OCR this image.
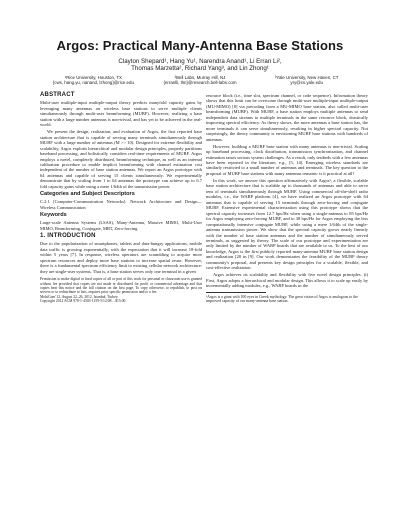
Argos: Practical Many-Antenna Base Stations
Clayton Shepard¹, Hang Yu¹, Narendra Anand¹, Li Erran Li²,
Thomas Marzetta², Richard Yang³, and Lin Zhong¹
¹Rice University, Houston, TX
{cws, hang.yu, nanand, lzhong}@rice.edu
²Bell Labs, Murray Hill, NJ
{erranlli, tlm}@research.bell-labs.com
³Yale University, New Haven, CT
yry@cs.yale.edu
ABSTRACT

Multi-user multiple-input multiple-output theory predicts manyfold capacity gains by leveraging many antennas on wireless base stations to serve multiple clients simultaneously through multi-user beamforming (MUBF). However, realizing a base station with a large number antennas is non-trivial, and has yet to be achieved in the real-world.

We present the design, realization, and evaluation of Argos, the first reported base station architecture that is capable of serving many terminals simultaneously through MUBF with a large number of antennas (M >> 10). Designed for extreme flexibility and scalability, Argos exploits hierarchical and modular design principles, properly partitions baseband processing, and holistically considers real-time requirements of MUBF. Argos employs a novel, completely distributed, beamforming technique, as well as an internal calibration procedure to enable implicit beamforming with channel estimation cost independent of the number of base station antennas. We report an Argos prototype with 64 antennas and capable of serving 15 clients simultaneously. We experimentally demonstrate that by scaling from 1 to 64 antennas the prototype can achieve up to 6.7 fold capacity gains while using a mere 1/64th of the transmission power.

Categories and Subject Descriptors

C.2.1 [Computer-Communication Networks]: Network Architecture and Design—Wireless Communication

Keywords

Large-scale Antenna Systems (LSAS), Many-Antenna, Massive MIMO, Multi-User MIMO, Beamforming, Conjugate, MRT, Zero-forcing

1. INTRODUCTION

Due to the popularization of smartphones, tablets and data-hungry applications, mobile data traffic is growing exponentially, with the expectation that it will increase 18-fold within 5 years [7]. In response, wireless operators are scrambling to acquire more spectrum resources and deploy more base stations to increase spatial reuse. However, there is a fundamental spectrum efficiency limit to existing cellular network architecture: they are single-user systems. That is, a base station serves only one terminal in a given

Permission to make digital or hard copies of all or part of this work for personal or classroom use is granted without fee provided that copies are not made or distributed for profit or commercial advantage and that copies bear this notice and the full citation on the first page. To copy otherwise, to republish, to post on servers or to redistribute to lists, requires prior specific permission and/or a fee.
MobiCom’12, August 22–26, 2012, Istanbul, Turkey.
Copyright 2012 ACM 978-1-4503-1159-5/12/08 ...$15.00.

resource block (i.e., time slot, spectrum channel, or code sequence). Information theory shows that this limit can be overcome through multi-user multiple-input multiple-output (MU-MIMO) [8] via precoding from a MU-MIMO base station, also called multi-user beamforming (MUBF). With MUBF, a base station employs multiple antennas to send independent data streams to multiple terminals in the same resource block, drastically improving spectral efficiency. As theory shows, the more antennas a base station has, the more terminals it can serve simultaneously, resulting in higher spectral capacity. Not surprisingly, the theory community is envisioning MUBF base stations with hundreds of antennas.

However, building a MUBF base station with many antennas is non-trivial. Scaling up baseband processing, clock distribution, transmission synchronization, and channel estimation raises serious system challenges. As a result, only testbeds with a few antennas have been reported in the literature, e.g., [5, 14]. Emerging wireless standards are similarly restricted to a small number of antennas and terminals. The key question to the proposal of MUBF base stations with many antennas remains: is it practical at all?

In this work, we answer this question affirmatively with Argos¹, a flexible, scalable base station architecture that is scalable up to thousands of antennas and able to serve tens of terminals simultaneously through MUBF. Using commercial off-the-shelf radio modules, i.e., the WARP platform [4], we have realized an Argos prototype with 64 antennas that is capable of serving 15 terminals through zero-forcing and conjugate MUBF. Extensive experimental characterization using this prototype shows that the spectral capacity increases from 12.7 bps/Hz when using a single-antenna to 85 bps/Hz for Argos employing zero-forcing MUBF, and to 38 bps/Hz for Argos employing the less computationally intensive conjugate MUBF, while using a mere 1/64th of the single-antenna transmission power. We show that the spectral capacity grows nearly linearly with the number of base station antennas and the number of simultaneously served terminals, as suggested by theory. The scale of our prototype and experimentation are only limited by the number of WARP boards that are available to us. To the best of our knowledge, Argos is the first publicly reported many-antenna MUBF base station design and realization [20 in [9]. Our work demonstrates the feasibility of the MUBF theory community's proposal, and presents key design principles for a scalable, flexible, and cost-effective realization.

Argos achieves its scalability and flexibility with five novel design principles. (i) First, Argos adopts a hierarchical and modular design. This allows it to scale up easily by incrementally adding modules, e.g., WARP boards in the

¹Argos is a giant with 100 eyes in Greek mythology. The great vision of Argos is analogous to the improved capacity of our many-antenna base station.
